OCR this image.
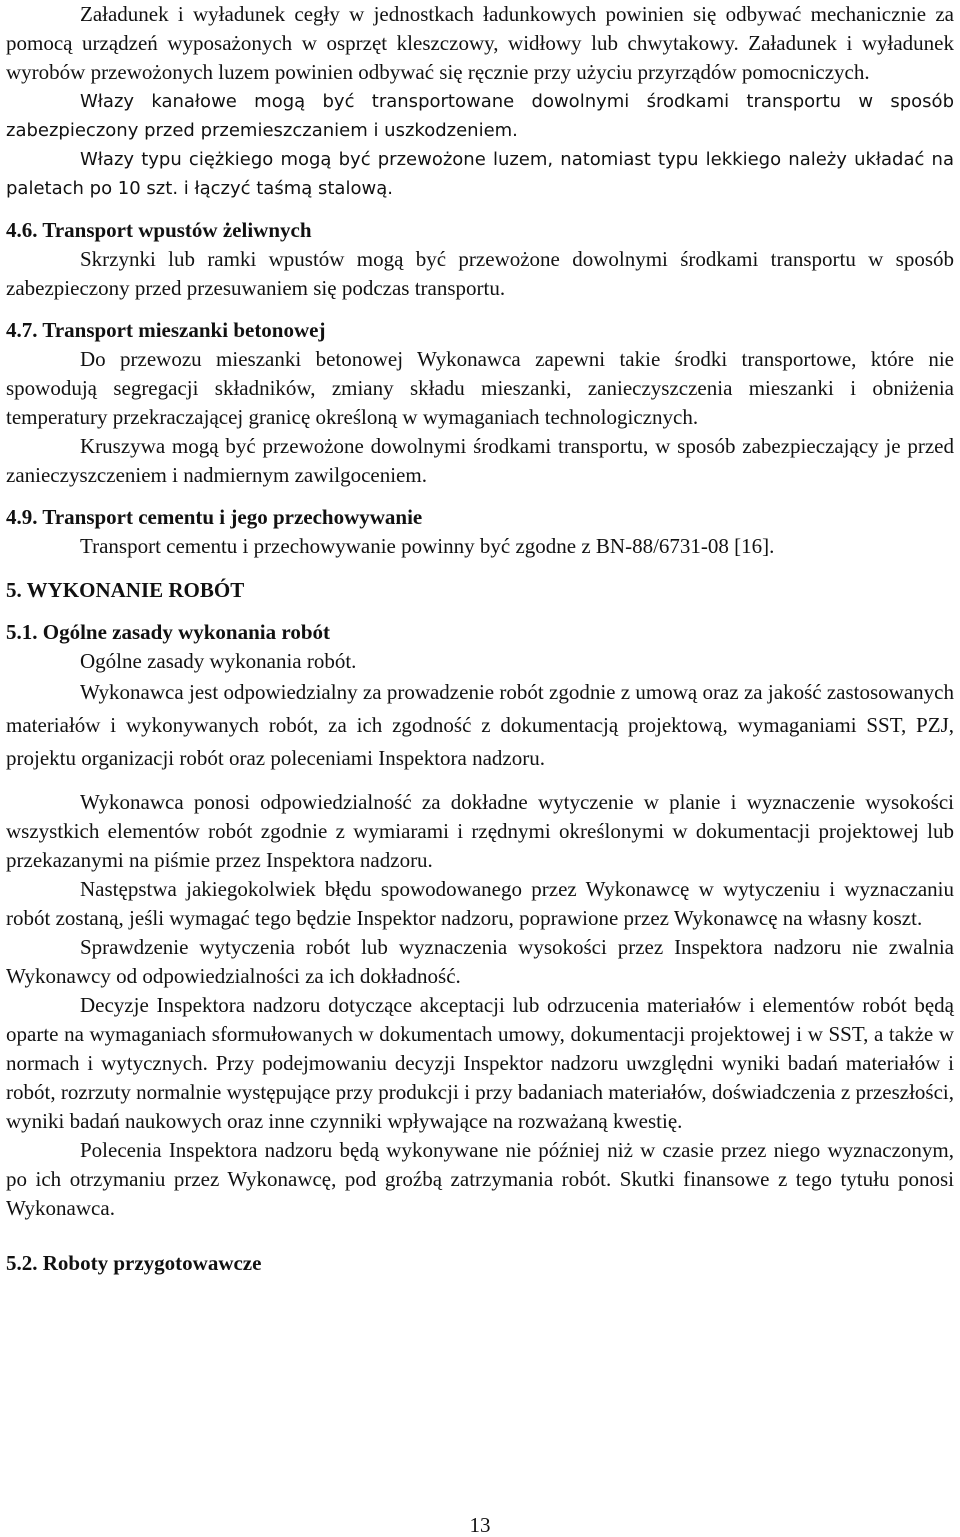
Załadunek i wyładunek cegły w jednostkach ładunkowych powinien się odbywać mechanicznie za pomocą urządzeń wyposażonych w osprzęt kleszczowy, widłowy lub chwytakowy. Załadunek i wyładunek wyrobów przewożonych luzem powinien odbywać się ręcznie przy użyciu przyrządów pomocniczych.

Włazy kanałowe mogą być transportowane dowolnymi środkami transportu w sposób zabezpieczony przed przemieszczaniem i uszkodzeniem.

Włazy typu ciężkiego mogą być przewożone luzem, natomiast typu lekkiego należy układać na paletach po 10 szt. i łączyć taśmą stalową.

4.6. Transport wpustów żeliwnych

Skrzynki lub ramki wpustów mogą być przewożone dowolnymi środkami transportu w sposób zabezpieczony przed przesuwaniem się podczas transportu.

4.7. Transport mieszanki betonowej

Do przewozu mieszanki betonowej Wykonawca zapewni takie środki transportowe, które nie spowodują segregacji składników, zmiany składu mieszanki, zanieczyszczenia mieszanki i obniżenia temperatury przekraczającej granicę określoną w wymaganiach technologicznych.

Kruszywa mogą być przewożone dowolnymi środkami transportu, w sposób zabezpieczający je przed zanieczyszczeniem i nadmiernym zawilgoceniem.

4.9. Transport cementu i jego przechowywanie

Transport cementu i przechowywanie powinny być zgodne z BN-88/6731-08 [16].

5. WYKONANIE ROBÓT

5.1. Ogólne zasady wykonania robót

Ogólne zasady wykonania robót.

Wykonawca jest odpowiedzialny za prowadzenie robót zgodnie z umową oraz za jakość zastosowanych materiałów i wykonywanych robót, za ich zgodność z dokumentacją projektową, wymaganiami SST, PZJ, projektu organizacji robót oraz poleceniami Inspektora nadzoru.

Wykonawca ponosi odpowiedzialność za dokładne wytyczenie w planie i wyznaczenie wysokości wszystkich elementów robót zgodnie z wymiarami i rzędnymi określonymi w dokumentacji projektowej lub przekazanymi na piśmie przez Inspektora nadzoru.

Następstwa jakiegokolwiek błędu spowodowanego przez Wykonawcę w wytyczeniu i wyznaczaniu robót zostaną, jeśli wymagać tego będzie Inspektor nadzoru, poprawione przez Wykonawcę na własny koszt.

Sprawdzenie wytyczenia robót lub wyznaczenia wysokości przez Inspektora nadzoru nie zwalnia Wykonawcy od odpowiedzialności za ich dokładność.

Decyzje Inspektora nadzoru dotyczące akceptacji lub odrzucenia materiałów i elementów robót będą oparte na wymaganiach sformułowanych w dokumentach umowy, dokumentacji projektowej i w SST, a także w normach i wytycznych. Przy podejmowaniu decyzji Inspektor nadzoru uwzględni wyniki badań materiałów i robót, rozrzuty normalnie występujące przy produkcji i przy badaniach materiałów, doświadczenia z przeszłości, wyniki badań naukowych oraz inne czynniki wpływające na rozważaną kwestię.

Polecenia Inspektora nadzoru będą wykonywane nie później niż w czasie przez niego wyznaczonym, po ich otrzymaniu przez Wykonawcę, pod groźbą zatrzymania robót. Skutki finansowe z tego tytułu ponosi Wykonawca.

5.2. Roboty przygotowawcze

13
